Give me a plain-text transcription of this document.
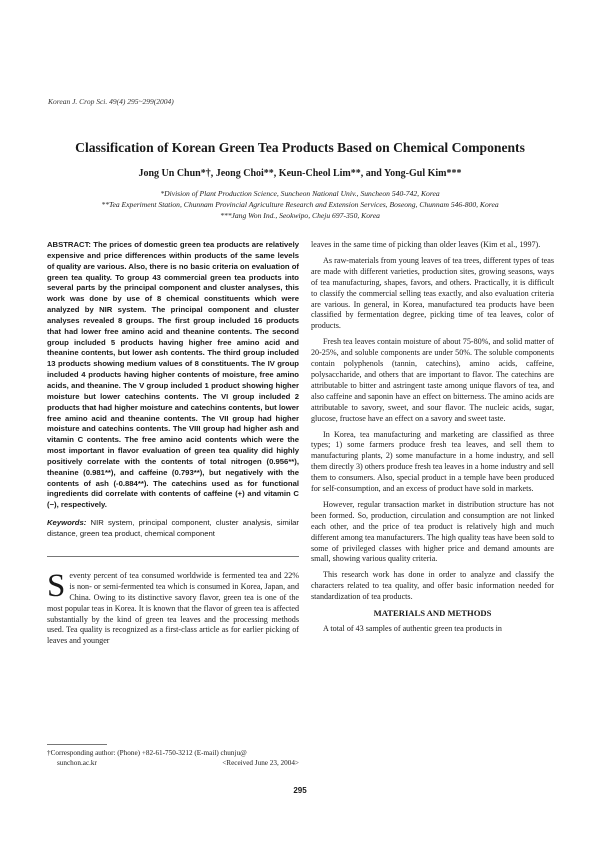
Korean J. Crop Sci. 49(4) 295~299(2004)
Classification of Korean Green Tea Products Based on Chemical Components
Jong Un Chun*†, Jeong Choi**, Keun-Cheol Lim**, and Yong-Gul Kim***
*Division of Plant Production Science, Suncheon National Univ., Suncheon 540-742, Korea
**Tea Experiment Station, Chunnam Provincial Agriculture Research and Extension Services, Boseong, Chunnam 546-800, Korea
***Jang Won Ind., Seokwipo, Cheju 697-350, Korea

ABSTRACT: The prices of domestic green tea products are relatively expensive and price differences within products of the same levels of quality are various. Also, there is no basic criteria on evaluation of green tea quality. To group 43 commercial green tea products into several parts by the principal component and cluster analyses, this work was done by use of 8 chemical constituents which were analyzed by NIR system. The principal component and cluster analyses revealed 8 groups. The first group included 16 products that had lower free amino acid and theanine contents. The second group included 5 products having higher free amino acid and theanine contents, but lower ash contents. The third group included 13 products showing medium values of 8 constituents. The IV group included 4 products having higher contents of moisture, free amino acids, and theanine. The V group included 1 product showing higher moisture but lower catechins contents. The VI group included 2 products that had higher moisture and catechins contents, but lower free amino acid and theanine contents. The VII group had higher moisture and catechins contents. The VIII group had higher ash and vitamin C contents. The free amino acid contents which were the most important in flavor evaluation of green tea quality did highly positively correlate with the contents of total nitrogen (0.956**), theanine (0.981**), and caffeine (0.793**), but negatively with the contents of ash (-0.884**). The catechins used as for functional ingredients did correlate with contents of caffeine (+) and vitamin C (−), respectively.

Keywords: NIR system, principal component, cluster analysis, similar distance, green tea product, chemical component

S eventy percent of tea consumed worldwide is fermented tea and 22% is non- or semi-fermented tea which is consumed in Korea, Japan, and China. Owing to its distinctive savory flavor, green tea is one of the most popular teas in Korea. It is known that the flavor of green tea is affected substantially by the kind of green tea leaves and the processing methods used. Tea quality is recognized as a first-class article as for earlier picking of leaves and younger

†Corresponding author: (Phone) +82-61-750-3212 (E-mail) chunju@
sunchon.ac.kr	<Received June 23, 2004>

leaves in the same time of picking than older leaves (Kim et al., 1997).

As raw-materials from young leaves of tea trees, different types of teas are made with different varieties, production sites, growing seasons, ways of tea manufacturing, shapes, favors, and others. Practically, it is difficult to classify the commercial selling teas exactly, and also evaluation criteria are various. In general, in Korea, manufactured tea products have been classified by fermentation degree, picking time of tea leaves, color of products.

Fresh tea leaves contain moisture of about 75-80%, and solid matter of 20-25%, and soluble components are under 50%. The soluble components contain polyphenols (tannin, catechins), amino acids, caffeine, polysaccharide, and others that are important to flavor. The catechins are attributable to bitter and astringent taste among unique flavors of tea, and also caffeine and saponin have an effect on bitterness. The amino acids are attributable to savory, sweet, and sour flavor. The nucleic acids, sugar, glucose, fructose have an effect on a savory and sweet taste.

In Korea, tea manufacturing and marketing are classified as three types; 1) some farmers produce fresh tea leaves, and sell them to manufacturing plants, 2) some manufacture in a home industry, and sell them directly 3) others produce fresh tea leaves in a home industry and sell them to consumers. Also, special product in a temple have been produced for self-consumption, and an excess of product have sold in markets.

However, regular transaction market in distribution structure has not been formed. So, production, circulation and consumption are not linked each other, and the price of tea product is relatively high and much different among tea manufacturers. The high quality teas have been sold to some of privileged classes with higher price and demand amounts are small, showing various quality criteria.

This research work has done in order to analyze and classify the characters related to tea quality, and offer basic information needed for standardization of tea products.

MATERIALS AND METHODS

A total of 43 samples of authentic green tea products in

295
